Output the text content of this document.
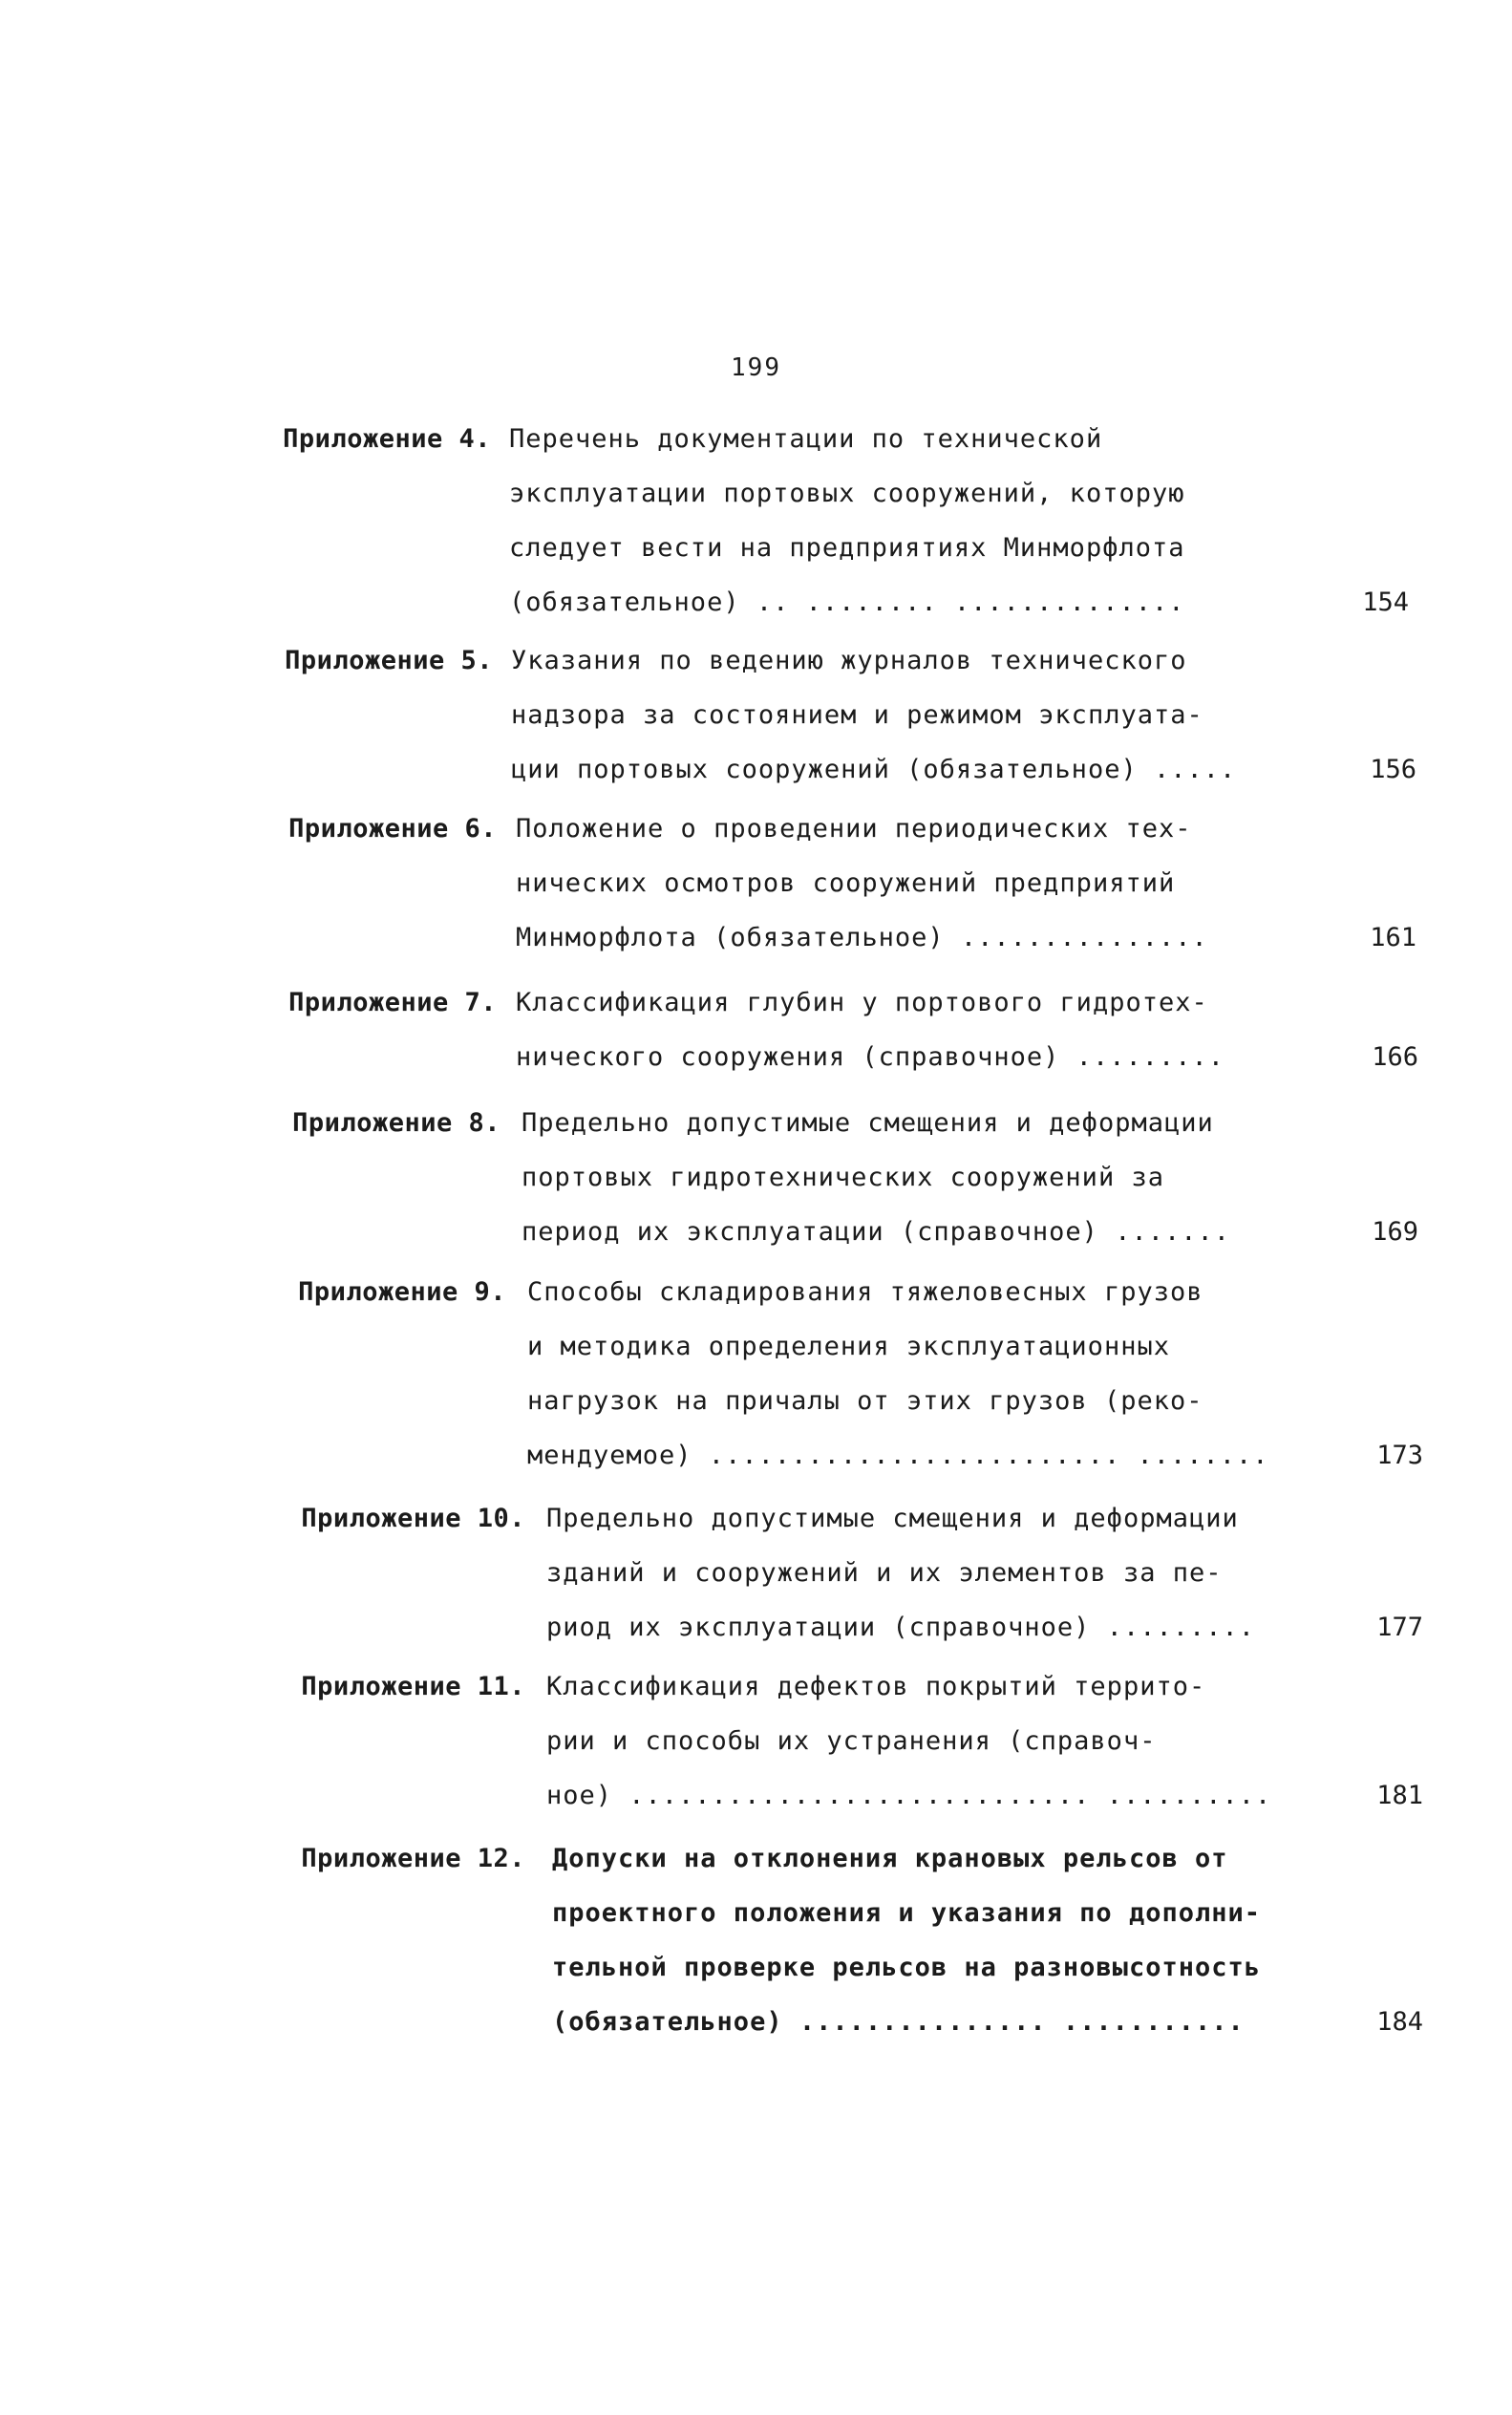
199
Приложение 4. Перечень документации по технической
эксплуатации портовых сооружений, которую
следует вести на предприятиях Минморфлота
(обязательное) .. ........ ..............	154
Приложение 5. Указания по ведению журналов технического
надзора за состоянием и режимом эксплуата-
ции портовых сооружений (обязательное) .....	156
Приложение 6. Положение о проведении периодических тех-
нических осмотров сооружений предприятий
Минморфлота (обязательное) ...............	161
Приложение 7. Классификация глубин у портового гидротех-
нического сооружения (справочное) .........	166
Приложение 8. Предельно допустимые смещения и деформации
портовых гидротехнических сооружений за
период их эксплуатации (справочное) .......	169
Приложение 9. Способы складирования тяжеловесных грузов
и методика определения эксплуатационных
нагрузок на причалы от этих грузов (реко-
мендуемое) ......................... ........	173
Приложение 10. Предельно допустимые смещения и деформации
зданий и сооружений и их элементов за пе-
риод их эксплуатации (справочное) .........	177
Приложение 11. Классификация дефектов покрытий террито-
рии и способы их устранения (справоч-
ное) ............................ ..........	181
Приложение 12. Допуски на отклонения крановых рельсов от
проектного положения и указания по дополни-
тельной проверке рельсов на разновысотность
(обязательное) ............... ...........	184
